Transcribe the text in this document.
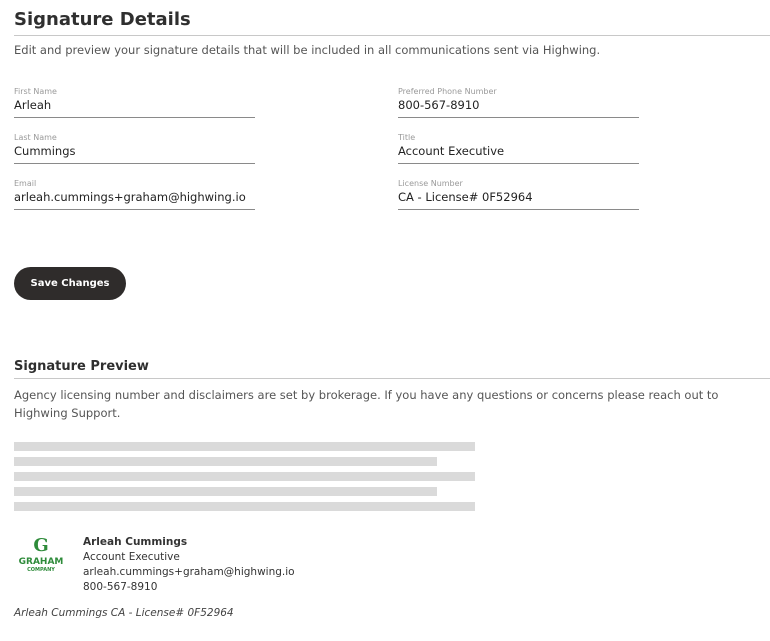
Signature Details
Edit and preview your signature details that will be included in all communications sent via Highwing.
First Name
Arleah
Last Name
Cummings
Email
arleah.cummings+graham@highwing.io
Preferred Phone Number
800-567-8910
Title
Account Executive
License Number
CA - License# 0F52964
Save Changes
Signature Preview
Agency licensing number and disclaimers are set by brokerage. If you have any questions or concerns please reach out to Highwing Support.
G
GRAHAM
COMPANY
Arleah Cummings
Account Executive
arleah.cummings+graham@highwing.io
800-567-8910
Arleah Cummings CA - License# 0F52964
